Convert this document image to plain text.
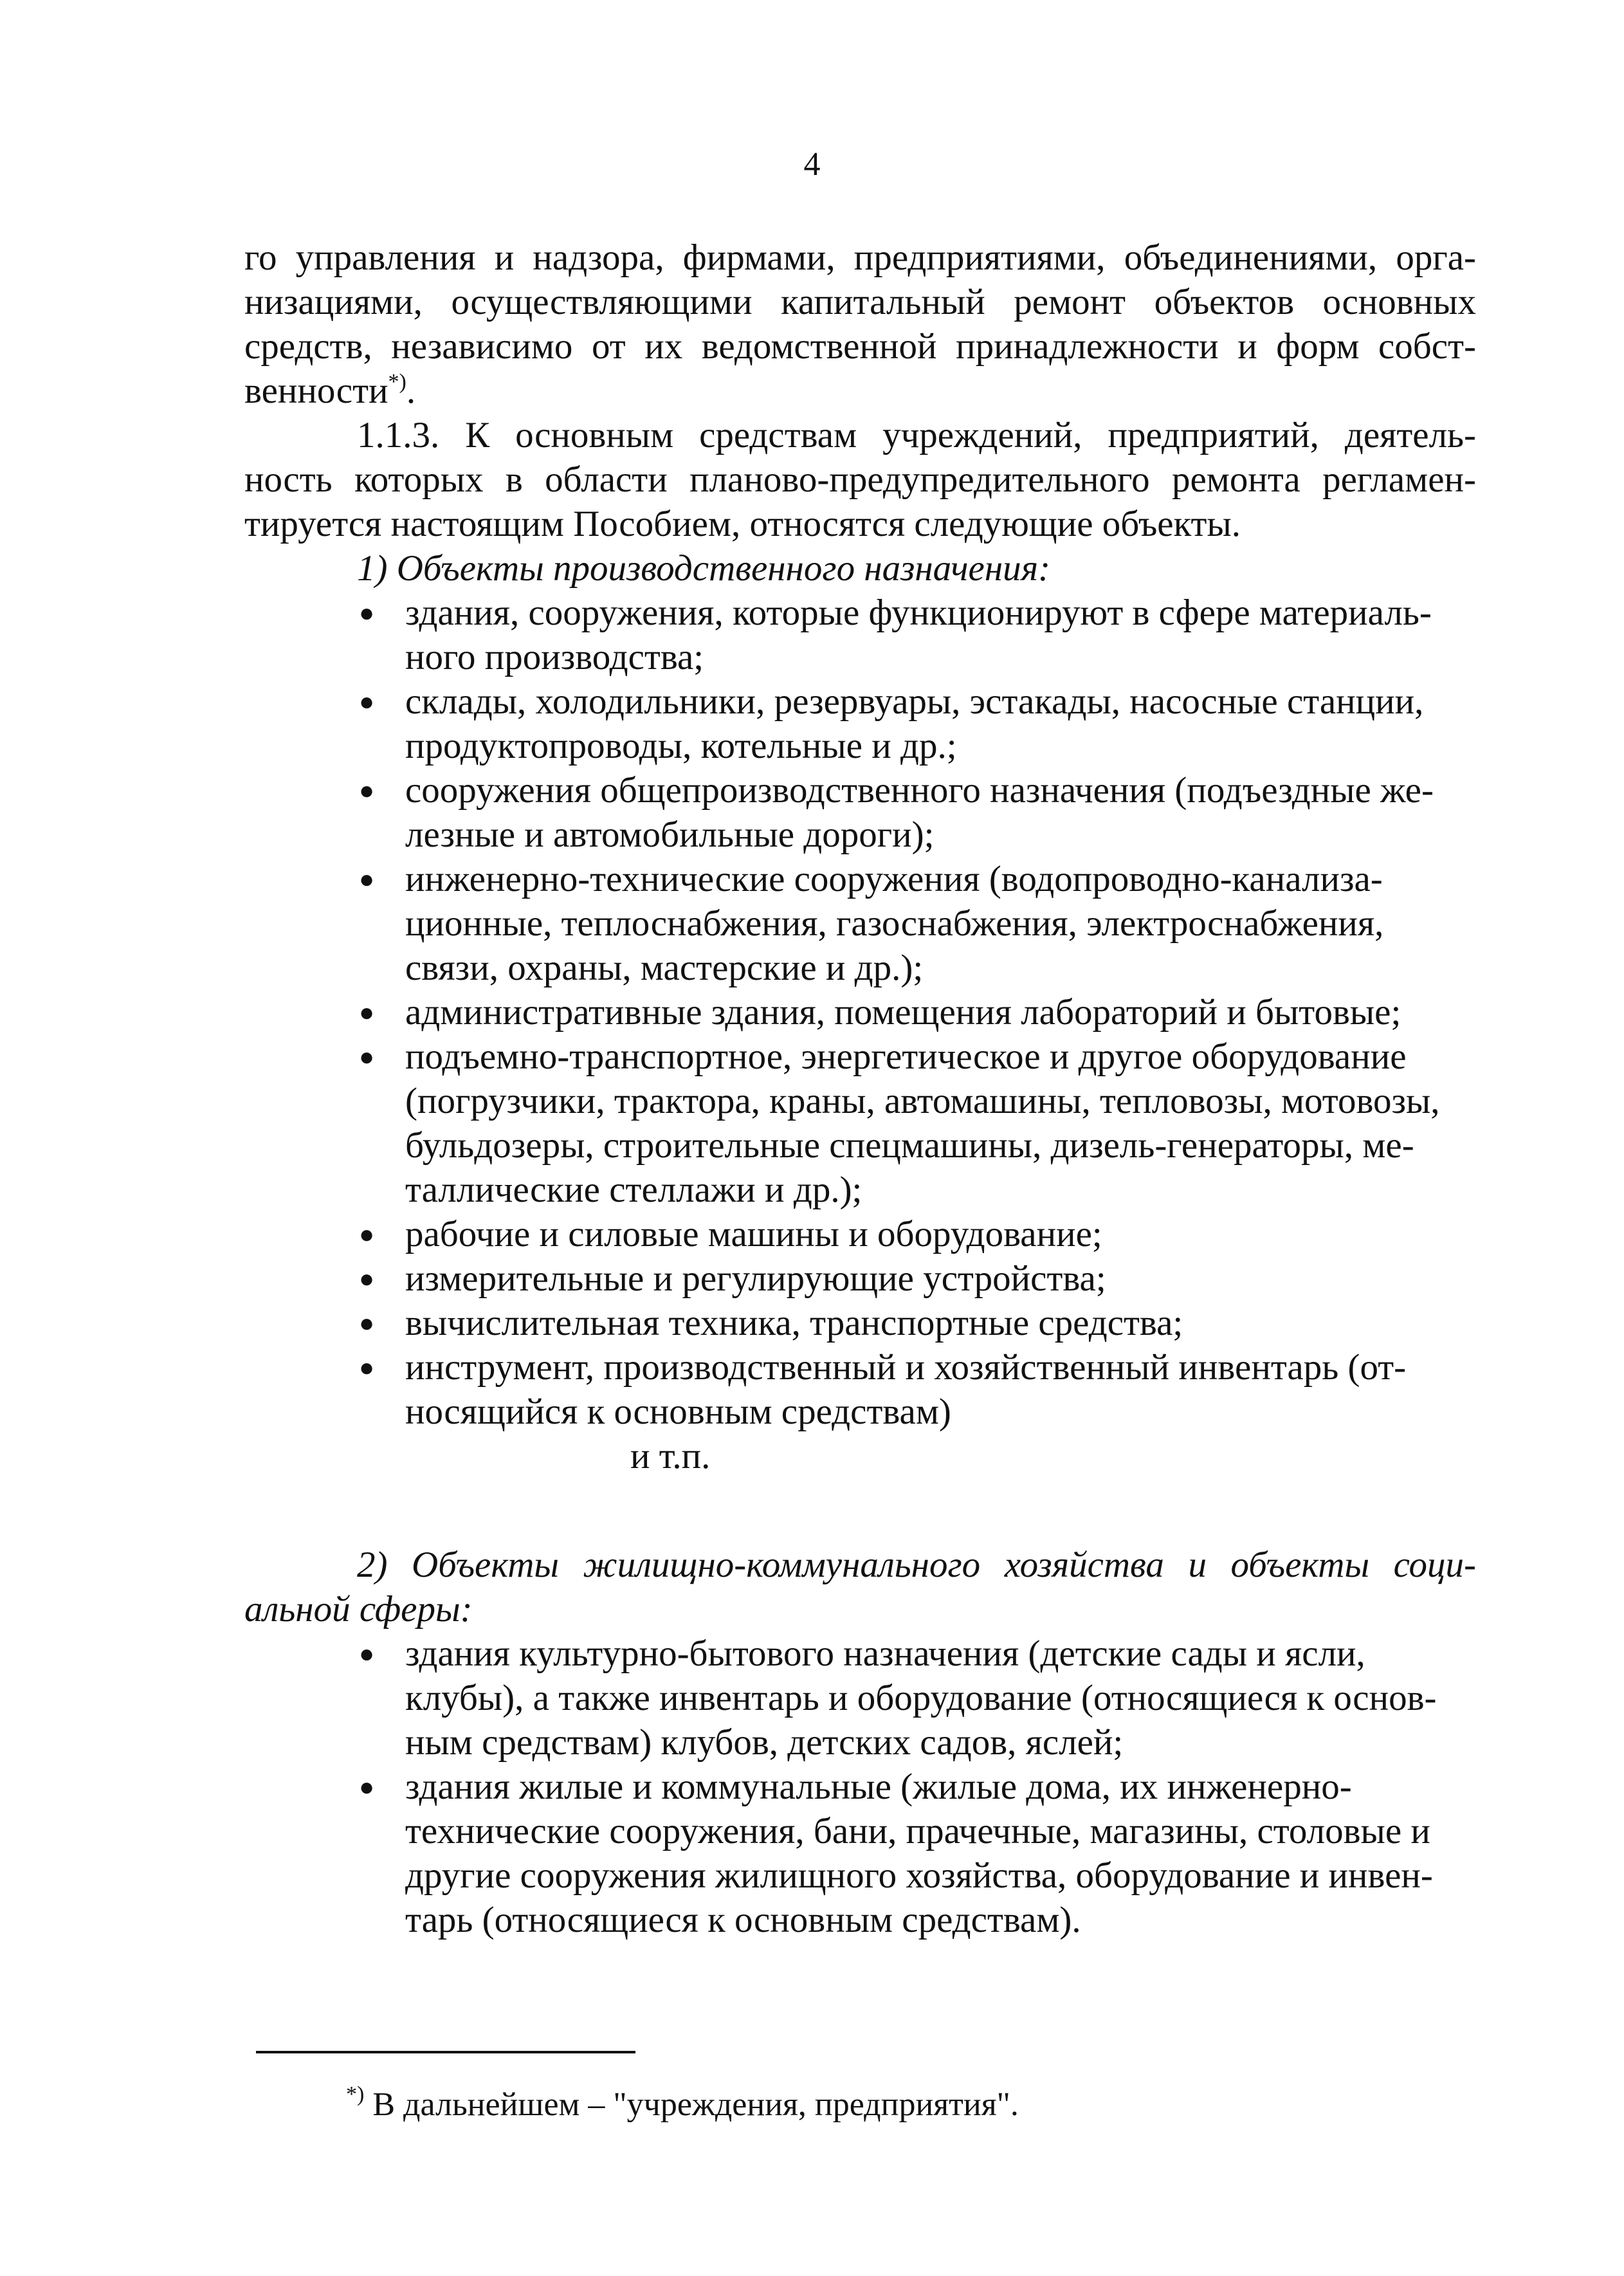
4

го управления и надзора, фирмами, предприятиями, объединениями, орга-

низациями, осуществляющими капитальный ремонт объектов основных

средств, независимо от их ведомственной принадлежности и форм собст-

венности*).

1.1.3. К основным средствам учреждений, предприятий, деятель-

ность которых в области планово-предупредительного ремонта регламен-

тируется настоящим Пособием, относятся следующие объекты.

1) Объекты производственного назначения:

● здания, сооружения, которые функционируют в сфере материаль- ного производства;
● склады, холодильники, резервуары, эстакады, насосные станции, продуктопроводы, котельные и др.;
● сооружения общепроизводственного назначения (подъездные же- лезные и автомобильные дороги);
● инженерно-технические сооружения (водопроводно-канализа- ционные, теплоснабжения, газоснабжения, электроснабжения, связи, охраны, мастерские и др.);
● административные здания, помещения лабораторий и бытовые;
● подъемно-транспортное, энергетическое и другое оборудование (погрузчики, трактора, краны, автомашины, тепловозы, мотовозы, бульдозеры, строительные спецмашины, дизель-генераторы, ме- таллические стеллажи и др.);
● рабочие и силовые машины и оборудование;
● измерительные и регулирующие устройства;
● вычислительная техника, транспортные средства;
● инструмент, производственный и хозяйственный инвентарь (от- носящийся к основным средствам)

и т.п.

2) Объекты жилищно-коммунального хозяйства и объекты соци-

альной сферы:

● здания культурно-бытового назначения (детские сады и ясли, клубы), а также инвентарь и оборудование (относящиеся к основ- ным средствам) клубов, детских садов, яслей;
● здания жилые и коммунальные (жилые дома, их инженерно- технические сооружения, бани, прачечные, магазины, столовые и другие сооружения жилищного хозяйства, оборудование и инвен- тарь (относящиеся к основным средствам).
*) В дальнейшем – "учреждения, предприятия".
